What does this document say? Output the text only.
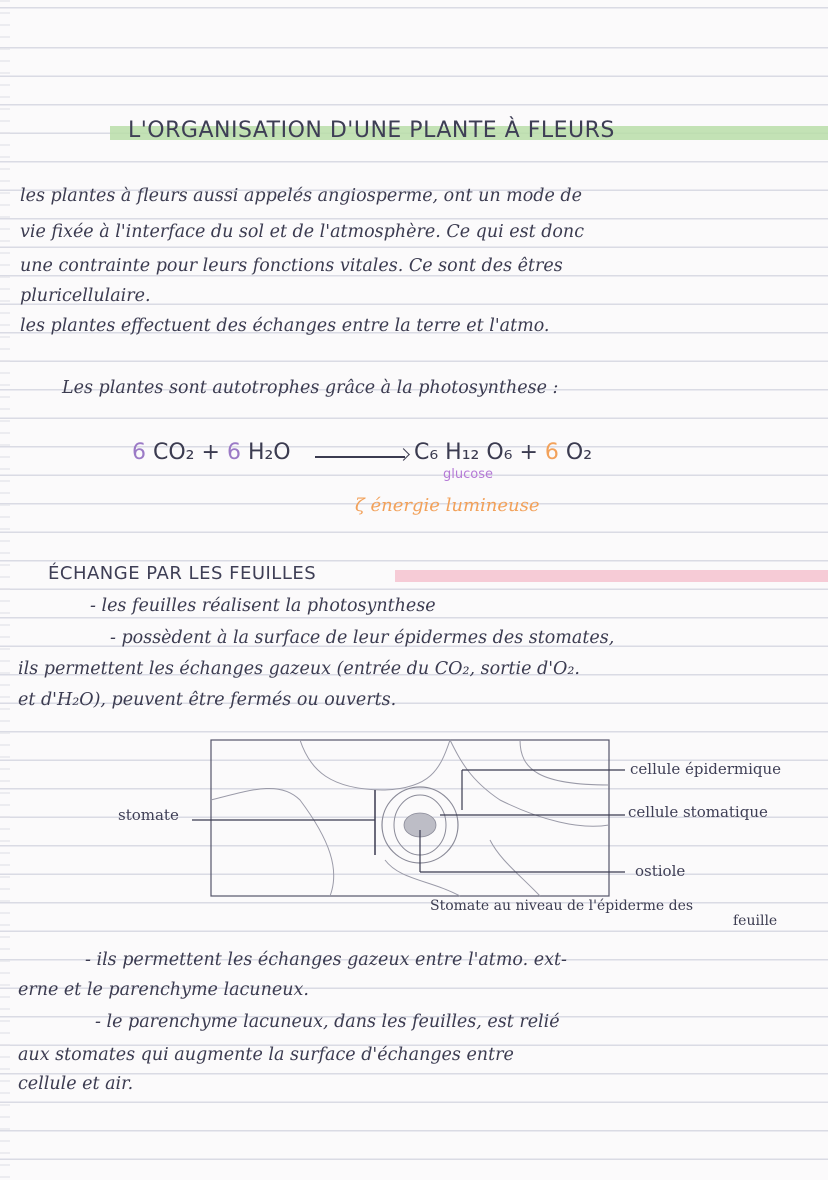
L'ORGANISATION D'UNE PLANTE À FLEURS
les plantes à fleurs aussi appelés angiosperme, ont un mode de
vie fixée à l'interface du sol et de l'atmosphère. Ce qui est donc
une contrainte pour leurs fonctions vitales. Ce sont des êtres
pluricellulaire.
les plantes effectuent des échanges entre la terre et l'atmo.
Les plantes sont autotrophes grâce à la photosynthese :
6 CO₂ + 6 H₂O	C₆ H₁₂ O₆ + 6 O₂
glucose
ζ énergie lumineuse
ÉCHANGE PAR LES FEUILLES
- les feuilles réalisent la photosynthese
- possèdent à la surface de leur épidermes des stomates,
ils permettent les échanges gazeux (entrée du CO₂, sortie d'O₂.
et d'H₂O), peuvent être fermés ou ouverts.
stomate
cellule épidermique
cellule stomatique
ostiole
Stomate au niveau de l'épiderme des
feuille
- ils permettent les échanges gazeux entre l'atmo. ext-
erne et le parenchyme lacuneux.
- le parenchyme lacuneux, dans les feuilles, est relié
aux stomates qui augmente la surface d'échanges entre
cellule et air.
